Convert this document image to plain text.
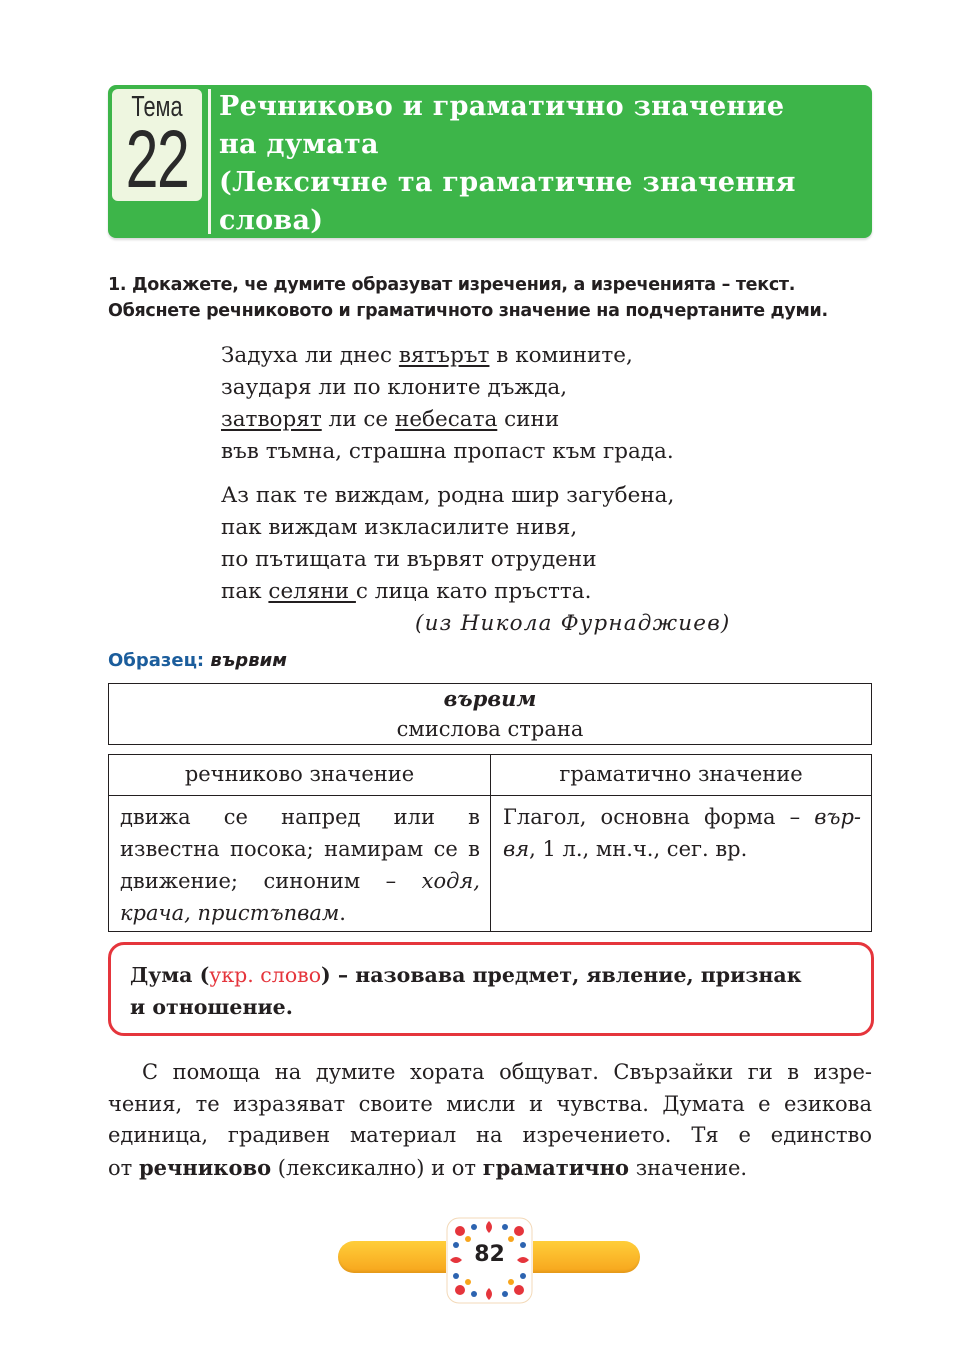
Тема
22
Речниково и граматично значение
на думата
(Лексичне та граматичне значення
слова)
1. Докажете, че думите образуват изречения, а изреченията – текст.
Обяснете речниковото и граматичното значение на подчертаните думи.
Задуха ли днес вятърът в комините,
заударя ли по клоните дъжда,
затворят ли се небесата сини
във тъмна, страшна пропаст към града.
Аз пак те виждам, родна шир загубена,
пак виждам изкласилите нивя,
по пътищата ти вървят отрудени
пак селяни с лица като пръстта.
(из Никола Фурнаджиев)
Образец: вървим
вървим
смислова страна
речниково значение	граматично значение
движа се напред или в известна посока; намирам се в движение; синоним – ходя, крача, пристъпвам.
Глагол, основна форма – вър-
вя, 1 л., мн.ч., сег. вр.
Дума (укр. слово) – назовава предмет, явление, признак
и отношение.
С помоща на думите хората общуват. Свързайки ги в изре-
чения, те изразяват своите мисли и чувства. Думата е езикова
единица, градивен материал на изречението. Тя е единство
от речниково (лексикално) и от граматично значение.
82
